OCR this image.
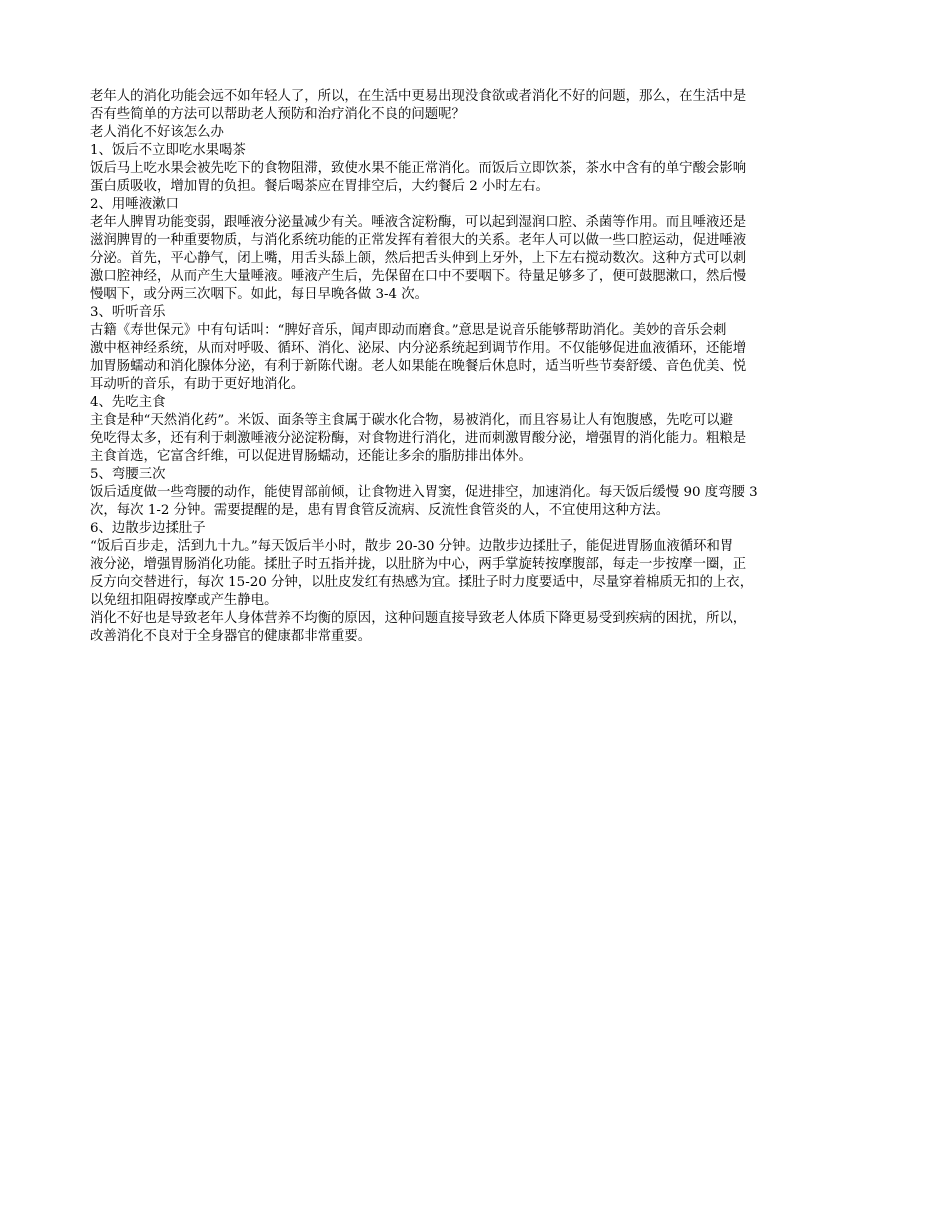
老年人的消化功能会远不如年轻人了，所以，在生活中更易出现没食欲或者消化不好的问题，那么，在生活中是
否有些简单的方法可以帮助老人预防和治疗消化不良的问题呢？
老人消化不好该怎么办
1、饭后不立即吃水果喝茶
饭后马上吃水果会被先吃下的食物阻滞，致使水果不能正常消化。而饭后立即饮茶，茶水中含有的单宁酸会影响
蛋白质吸收，增加胃的负担。餐后喝茶应在胃排空后，大约餐后 2 小时左右。
2、用唾液漱口
老年人脾胃功能变弱，跟唾液分泌量减少有关。唾液含淀粉酶，可以起到湿润口腔、杀菌等作用。而且唾液还是
滋润脾胃的一种重要物质，与消化系统功能的正常发挥有着很大的关系。老年人可以做一些口腔运动，促进唾液
分泌。首先，平心静气，闭上嘴，用舌头舔上颌，然后把舌头伸到上牙外，上下左右搅动数次。这种方式可以刺
激口腔神经，从而产生大量唾液。唾液产生后，先保留在口中不要咽下。待量足够多了，便可鼓腮漱口，然后慢
慢咽下，或分两三次咽下。如此，每日早晚各做 3-4 次。
3、听听音乐
古籍《寿世保元》中有句话叫：“脾好音乐，闻声即动而磨食。”意思是说音乐能够帮助消化。美妙的音乐会刺
激中枢神经系统，从而对呼吸、循环、消化、泌尿、内分泌系统起到调节作用。不仅能够促进血液循环，还能增
加胃肠蠕动和消化腺体分泌，有利于新陈代谢。老人如果能在晚餐后休息时，适当听些节奏舒缓、音色优美、悦
耳动听的音乐，有助于更好地消化。
4、先吃主食
主食是种“天然消化药”。米饭、面条等主食属于碳水化合物，易被消化，而且容易让人有饱腹感，先吃可以避
免吃得太多，还有利于刺激唾液分泌淀粉酶，对食物进行消化，进而刺激胃酸分泌，增强胃的消化能力。粗粮是
主食首选，它富含纤维，可以促进胃肠蠕动，还能让多余的脂肪排出体外。
5、弯腰三次
饭后适度做一些弯腰的动作，能使胃部前倾，让食物进入胃窦，促进排空，加速消化。每天饭后缓慢 90 度弯腰 3
次，每次 1-2 分钟。需要提醒的是，患有胃食管反流病、反流性食管炎的人，不宜使用这种方法。
6、边散步边揉肚子
“饭后百步走，活到九十九。”每天饭后半小时，散步 20-30 分钟。边散步边揉肚子，能促进胃肠血液循环和胃
液分泌，增强胃肠消化功能。揉肚子时五指并拢，以肚脐为中心，两手掌旋转按摩腹部，每走一步按摩一圈，正
反方向交替进行，每次 15-20 分钟，以肚皮发红有热感为宜。揉肚子时力度要适中，尽量穿着棉质无扣的上衣，
以免纽扣阻碍按摩或产生静电。
消化不好也是导致老年人身体营养不均衡的原因，这种问题直接导致老人体质下降更易受到疾病的困扰，所以，
改善消化不良对于全身器官的健康都非常重要。
